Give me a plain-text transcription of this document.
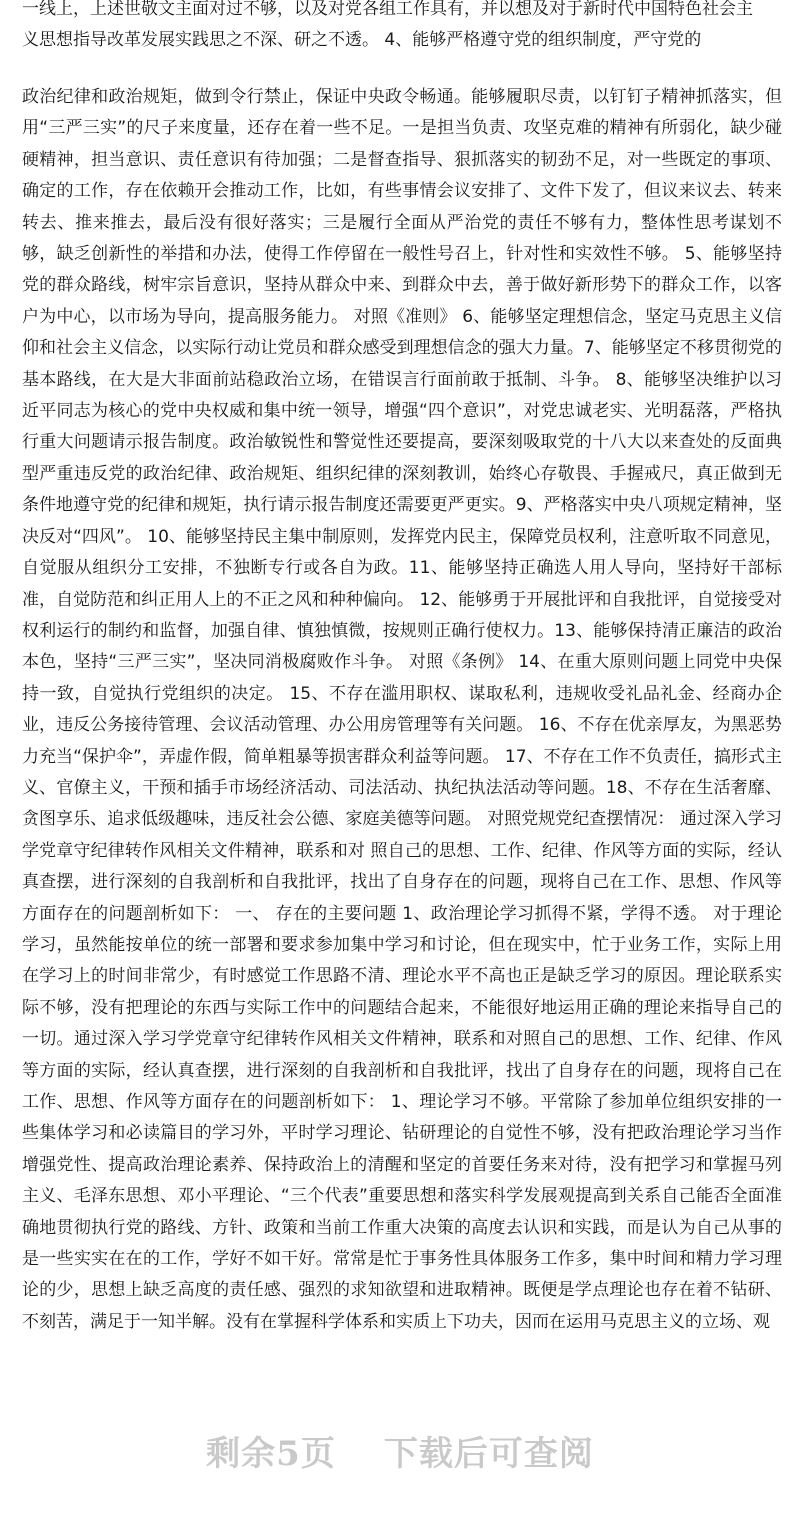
一线上，上述世敬文主面对过不够，以及对党各组工作具有，并以想及对于新时代中国特色社会主

义思想指导改革发展实践思之不深、研之不透。 4、能够严格遵守党的组织制度，严守党的

政治纪律和政治规矩，做到令行禁止，保证中央政令畅通。能够履职尽责，以钉钉子精神抓落实，但用“三严三实”的尺子来度量，还存在着一些不足。一是担当负责、攻坚克难的精神有所弱化，缺少碰硬精神，担当意识、责任意识有待加强；二是督查指导、狠抓落实的韧劲不足，对一些既定的事项、确定的工作，存在依赖开会推动工作，比如，有些事情会议安排了、文件下发了，但议来议去、转来转去、推来推去，最后没有很好落实；三是履行全面从严治党的责任不够有力，整体性思考谋划不够，缺乏创新性的举措和办法，使得工作停留在一般性号召上，针对性和实效性不够。 5、能够坚持党的群众路线，树牢宗旨意识，坚持从群众中来、到群众中去，善于做好新形势下的群众工作，以客户为中心，以市场为导向，提高服务能力。 对照《准则》 6、能够坚定理想信念，坚定马克思主义信仰和社会主义信念，以实际行动让党员和群众感受到理想信念的强大力量。7、能够坚定不移贯彻党的基本路线，在大是大非面前站稳政治立场，在错误言行面前敢于抵制、斗争。 8、能够坚决维护以习近平同志为核心的党中央权威和集中统一领导，增强“四个意识”，对党忠诚老实、光明磊落，严格执行重大问题请示报告制度。政治敏锐性和警觉性还要提高，要深刻吸取党的十八大以来查处的反面典型严重违反党的政治纪律、政治规矩、组织纪律的深刻教训，始终心存敬畏、手握戒尺，真正做到无条件地遵守党的纪律和规矩，执行请示报告制度还需要更严更实。9、严格落实中央八项规定精神，坚决反对“四风”。 10、能够坚持民主集中制原则，发挥党内民主，保障党员权利，注意听取不同意见，自觉服从组织分工安排，不独断专行或各自为政。11、能够坚持正确选人用人导向，坚持好干部标准，自觉防范和纠正用人上的不正之风和种种偏向。 12、能够勇于开展批评和自我批评，自觉接受对权利运行的制约和监督，加强自律、慎独慎微，按规则正确行使权力。13、能够保持清正廉洁的政治本色，坚持“三严三实”，坚决同消极腐败作斗争。 对照《条例》 14、在重大原则问题上同党中央保持一致，自觉执行党组织的决定。 15、不存在滥用职权、谋取私利，违规收受礼品礼金、经商办企业，违反公务接待管理、会议活动管理、办公用房管理等有关问题。 16、不存在优亲厚友，为黑恶势力充当“保护伞”，弄虚作假，简单粗暴等损害群众利益等问题。 17、不存在工作不负责任，搞形式主义、官僚主义，干预和插手市场经济活动、司法活动、执纪执法活动等问题。18、不存在生活奢靡、贪图享乐、追求低级趣味，违反社会公德、家庭美德等问题。 对照党规党纪查摆情况： 通过深入学习学党章守纪律转作风相关文件精神，联系和对 照自己的思想、工作、纪律、作风等方面的实际，经认真查摆，进行深刻的自我剖析和自我批评，找出了自身存在的问题，现将自己在工作、思想、作风等方面存在的问题剖析如下： 一、 存在的主要问题 1、政治理论学习抓得不紧，学得不透。 对于理论学习，虽然能按单位的统一部署和要求参加集中学习和讨论，但在现实中，忙于业务工作，实际上用在学习上的时间非常少，有时感觉工作思路不清、理论水平不高也正是缺乏学习的原因。理论联系实际不够，没有把理论的东西与实际工作中的问题结合起来，不能很好地运用正确的理论来指导自己的一切。通过深入学习学党章守纪律转作风相关文件精神，联系和对照自己的思想、工作、纪律、作风等方面的实际，经认真查摆，进行深刻的自我剖析和自我批评，找出了自身存在的问题，现将自己在工作、思想、作风等方面存在的问题剖析如下： 1、理论学习不够。平常除了参加单位组织安排的一些集体学习和必读篇目的学习外，平时学习理论、钻研理论的自觉性不够，没有把政治理论学习当作增强党性、提高政治理论素养、保持政治上的清醒和坚定的首要任务来对待，没有把学习和掌握马列主义、毛泽东思想、邓小平理论、“三个代表”重要思想和落实科学发展观提高到关系自己能否全面准确地贯彻执行党的路线、方针、政策和当前工作重大决策的高度去认识和实践，而是认为自己从事的是一些实实在在的工作，学好不如干好。常常是忙于事务性具体服务工作多，集中时间和精力学习理论的少，思想上缺乏高度的责任感、强烈的求知欲望和进取精神。既便是学点理论也存在着不钻研、不刻苦，满足于一知半解。没有在掌握科学体系和实质上下功夫，因而在运用马克思主义的立场、观

剩余5页 下载后可查阅
